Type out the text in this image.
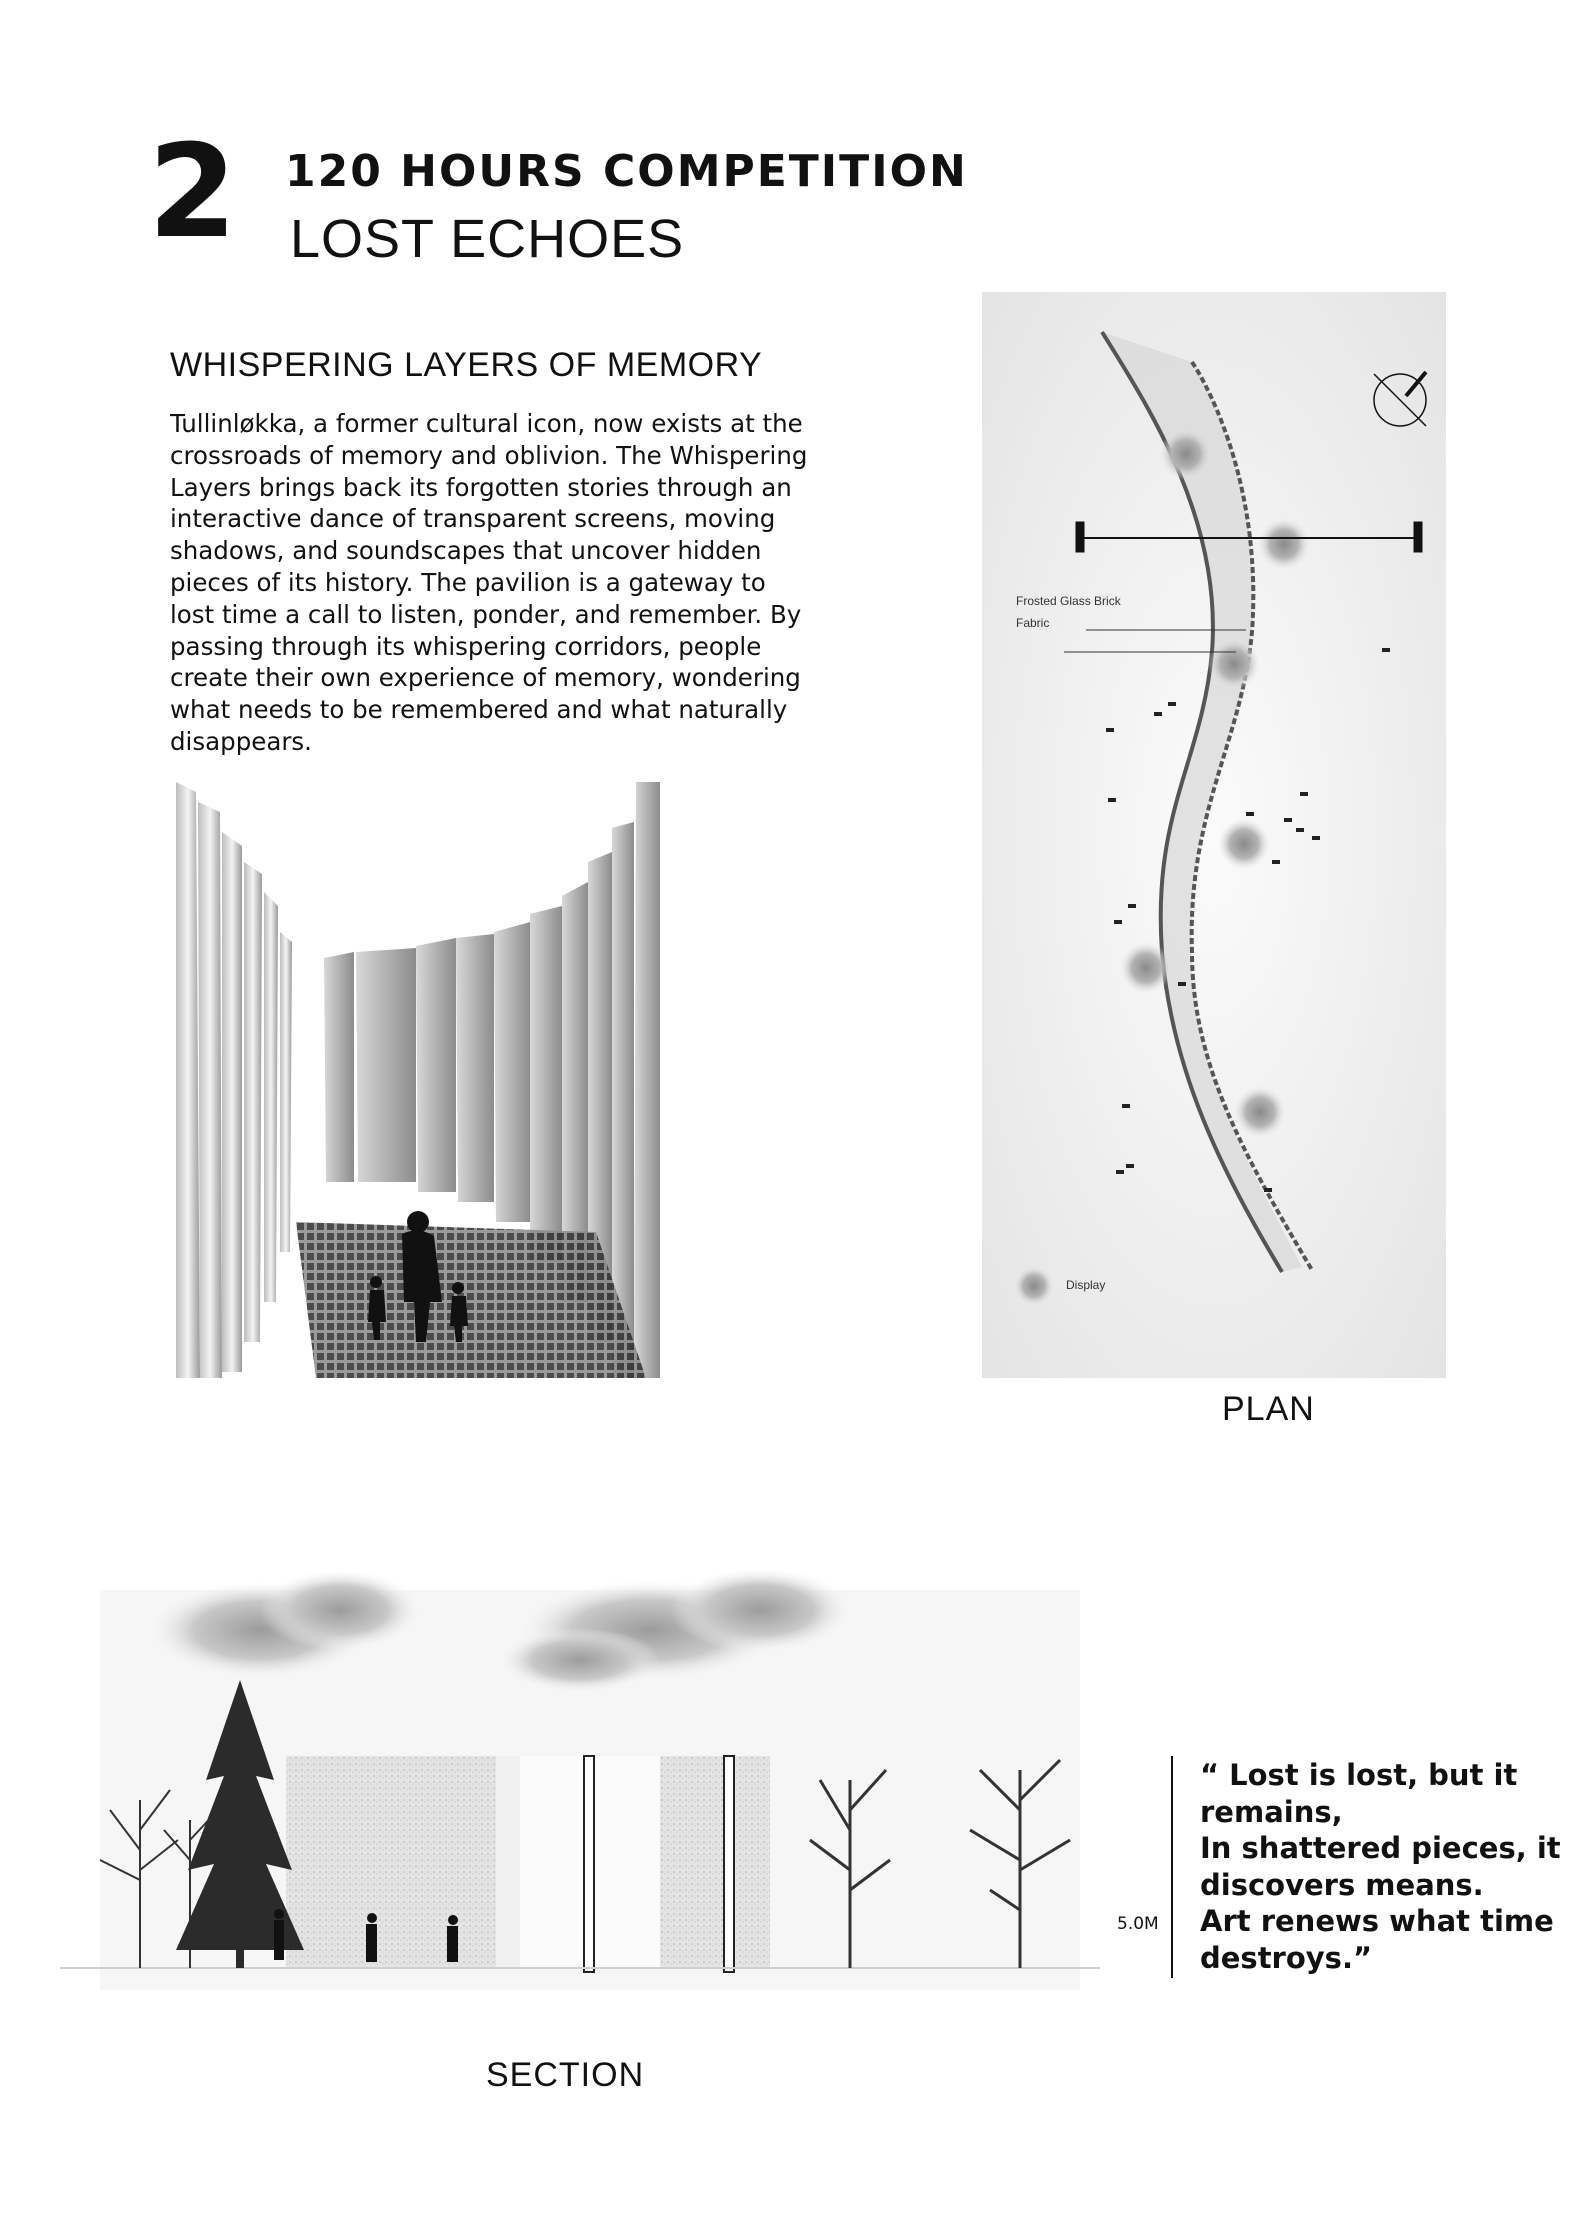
2 120 HOURS COMPETITION
LOST ECHOES
WHISPERING LAYERS OF MEMORY
Tullinløkka, a former cultural icon, now exists at the crossroads of memory and oblivion. The Whispering Layers brings back its forgotten stories through an interactive dance of transparent screens, moving shadows, and soundscapes that uncover hidden pieces of its history. The pavilion is a gateway to lost time a call to listen, ponder, and remember. By passing through its whispering corridors, people create their own experience of memory, wondering what needs to be remembered and what naturally disappears.
Frosted Glass Brick
Fabric
Display
PLAN
SECTION
5.0M
“ Lost is lost, but it
remains,
In shattered pieces, it
discovers means.
Art renews what time
destroys.”
